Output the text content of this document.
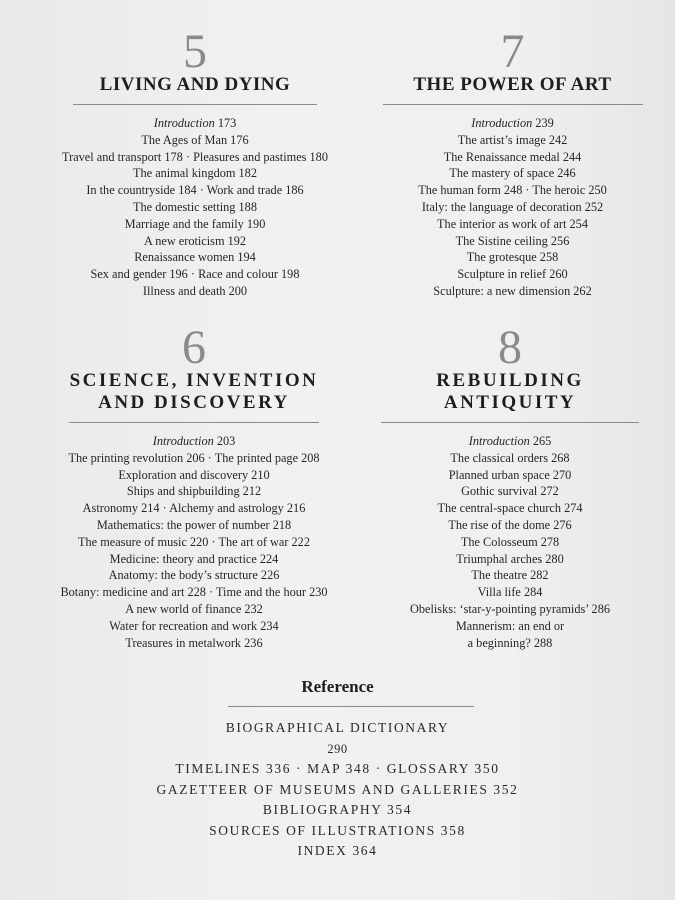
5
LIVING AND DYING
Introduction 173
The Ages of Man 176
Travel and transport 178 · Pleasures and pastimes 180
The animal kingdom 182
In the countryside 184 · Work and trade 186
The domestic setting 188
Marriage and the family 190
A new eroticism 192
Renaissance women 194
Sex and gender 196 · Race and colour 198
Illness and death 200
7
THE POWER OF ART
Introduction 239
The artist’s image 242
The Renaissance medal 244
The mastery of space 246
The human form 248 · The heroic 250
Italy: the language of decoration 252
The interior as work of art 254
The Sistine ceiling 256
The grotesque 258
Sculpture in relief 260
Sculpture: a new dimension 262
6
SCIENCE, INVENTION
AND DISCOVERY
Introduction 203
The printing revolution 206 · The printed page 208
Exploration and discovery 210
Ships and shipbuilding 212
Astronomy 214 · Alchemy and astrology 216
Mathematics: the power of number 218
The measure of music 220 · The art of war 222
Medicine: theory and practice 224
Anatomy: the body’s structure 226
Botany: medicine and art 228 · Time and the hour 230
A new world of finance 232
Water for recreation and work 234
Treasures in metalwork 236
8
REBUILDING
ANTIQUITY
Introduction 265
The classical orders 268
Planned urban space 270
Gothic survival 272
The central-space church 274
The rise of the dome 276
The Colosseum 278
Triumphal arches 280
The theatre 282
Villa life 284
Obelisks: ‘star-y-pointing pyramids’ 286
Mannerism: an end or
a beginning? 288
Reference
BIOGRAPHICAL DICTIONARY
290
TIMELINES 336 · MAP 348 · GLOSSARY 350
GAZETTEER OF MUSEUMS AND GALLERIES 352
BIBLIOGRAPHY 354
SOURCES OF ILLUSTRATIONS 358
INDEX 364
